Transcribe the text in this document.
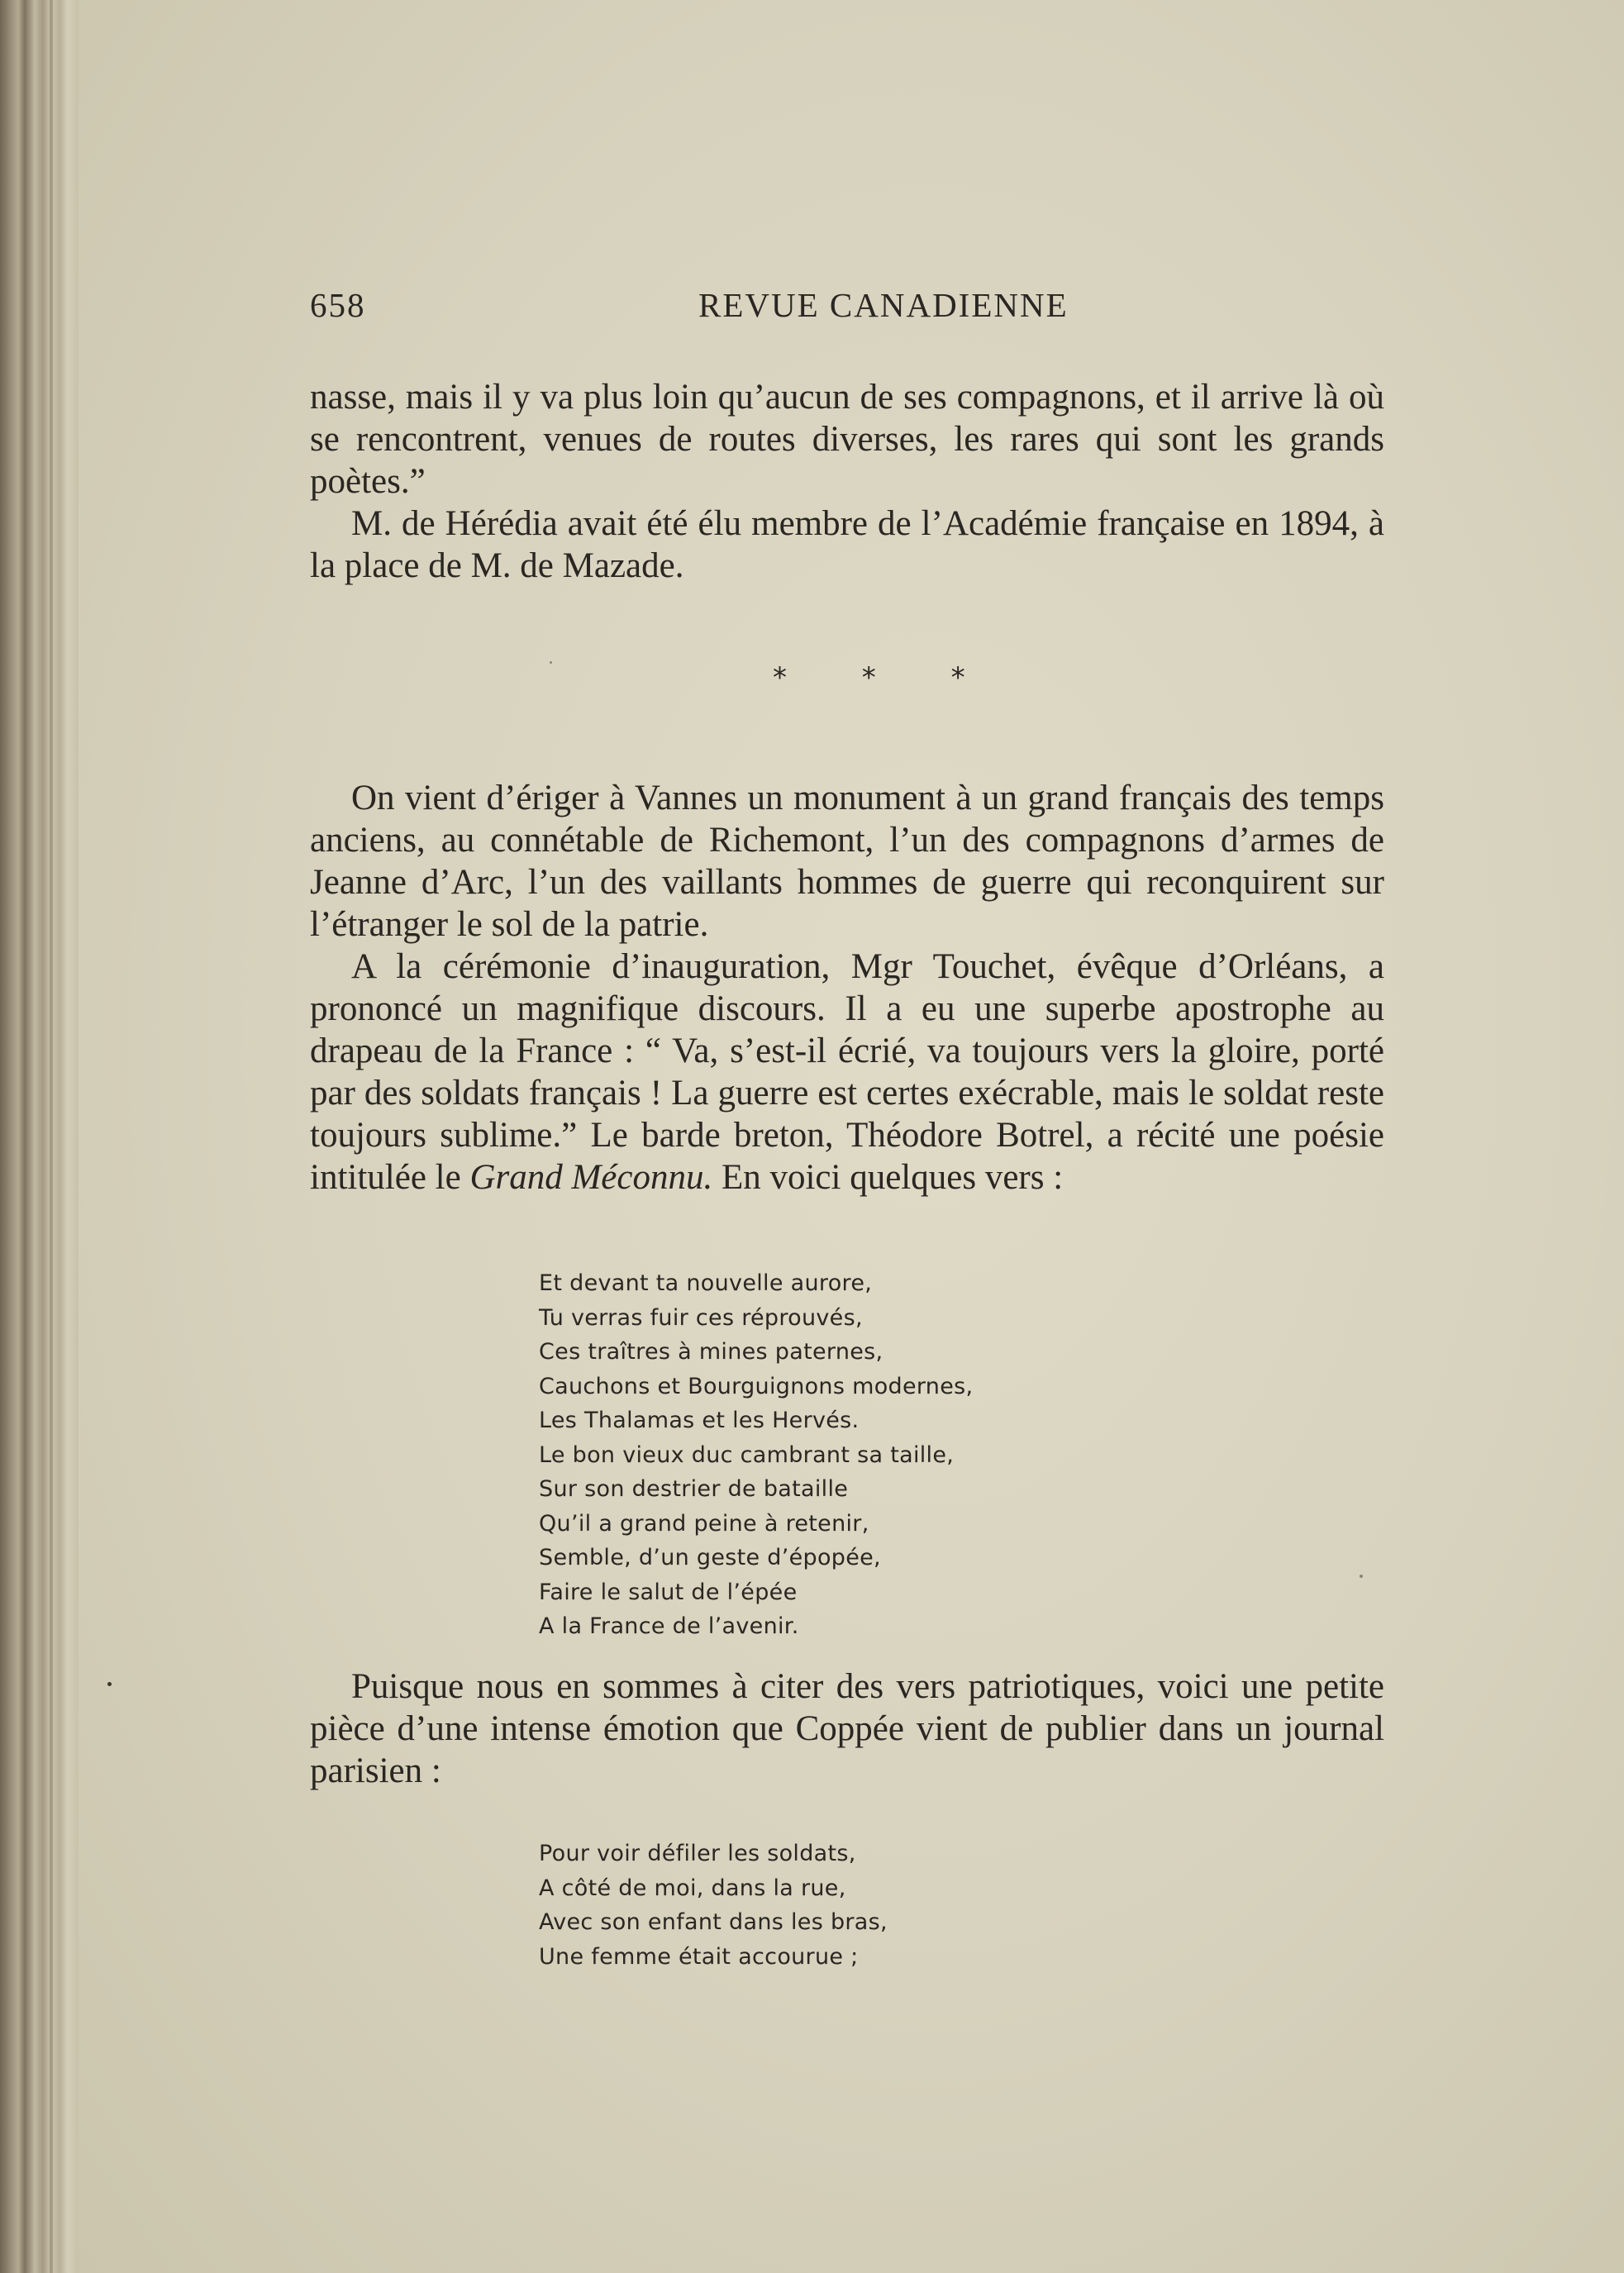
658	REVUE CANADIENNE

nasse, mais il y va plus loin qu’aucun de ses compagnons, et il arrive là où se rencontrent, venues de routes diverses, les rares qui sont les grands poètes.”

M. de Hérédia avait été élu membre de l’Académie française en 1894, à la place de M. de Mazade.

* * *

On vient d’ériger à Vannes un monument à un grand français des temps anciens, au connétable de Richemont, l’un des compagnons d’armes de Jeanne d’Arc, l’un des vaillants hommes de guerre qui reconquirent sur l’étranger le sol de la patrie.

A la cérémonie d’inauguration, Mgr Touchet, évêque d’Orléans, a prononcé un magnifique discours. Il a eu une superbe apostrophe au drapeau de la France : “ Va, s’est-il écrié, va toujours vers la gloire, porté par des soldats français ! La guerre est certes exécrable, mais le soldat reste toujours sublime.” Le barde breton, Théodore Botrel, a récité une poésie intitulée le Grand Méconnu. En voici quelques vers :

Et devant ta nouvelle aurore,
Tu verras fuir ces réprouvés,
Ces traîtres à mines paternes,
Cauchons et Bourguignons modernes,
Les Thalamas et les Hervés.
Le bon vieux duc cambrant sa taille,
Sur son destrier de bataille
Qu’il a grand peine à retenir,
Semble, d’un geste d’épopée,
Faire le salut de l’épée
A la France de l’avenir.

Puisque nous en sommes à citer des vers patriotiques, voici une petite pièce d’une intense émotion que Coppée vient de publier dans un journal parisien :

Pour voir défiler les soldats,
A côté de moi, dans la rue,
Avec son enfant dans les bras,
Une femme était accourue ;
